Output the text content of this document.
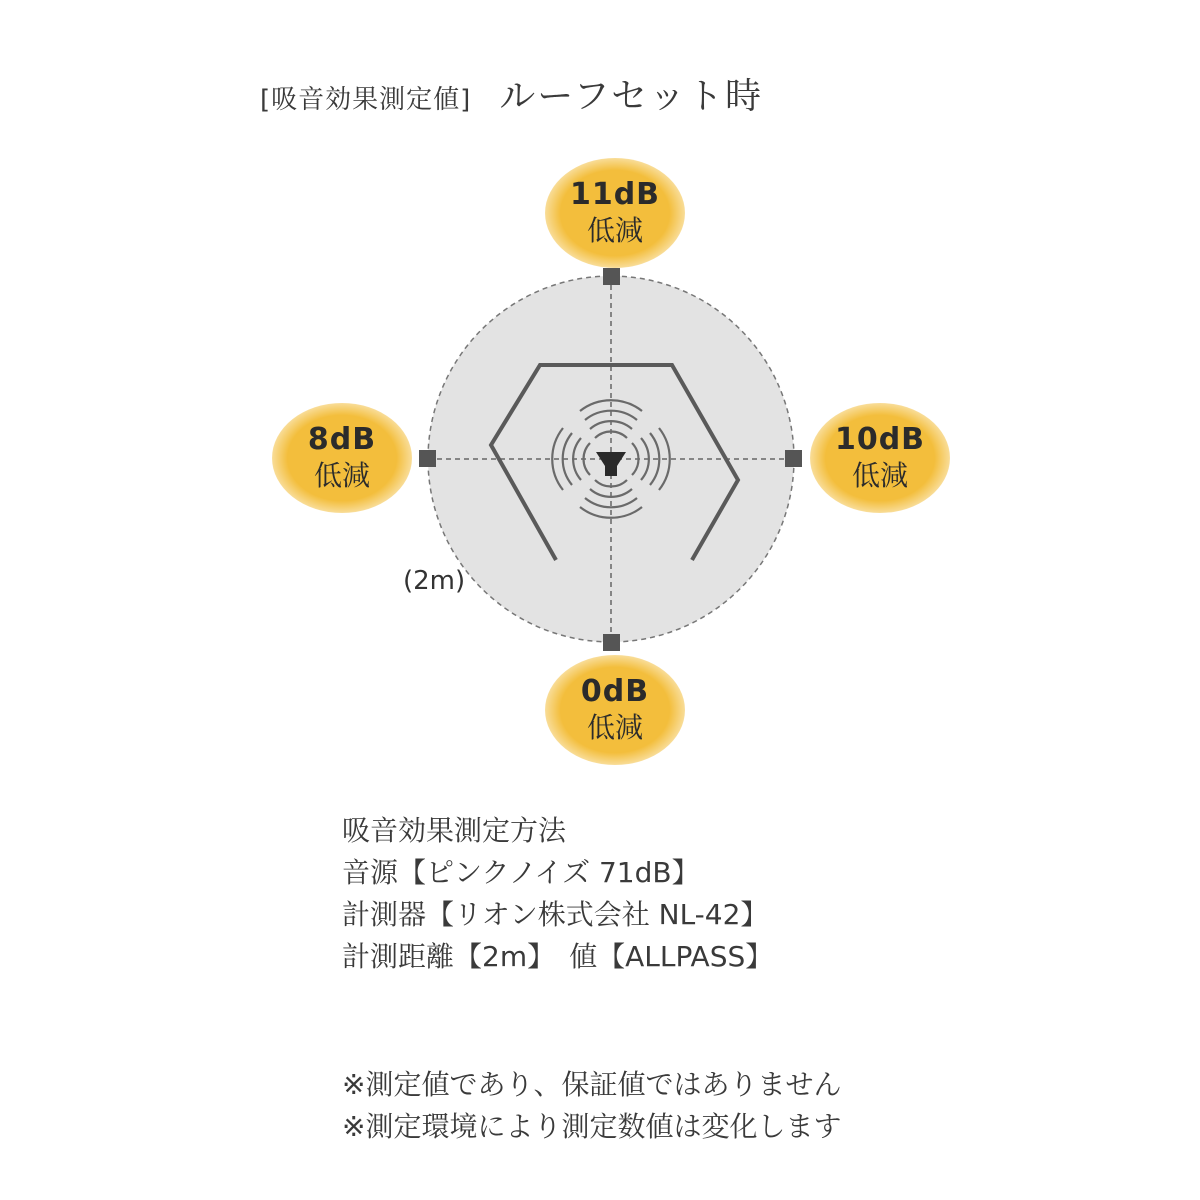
[吸音効果測定値] ルーフセット時
11dB
低減
8dB
低減
10dB
低減
0dB
低減
(2m)
吸音効果測定方法
音源【ピンクノイズ 71dB】
計測器【リオン株式会社 NL-42】
計測距離【2m】　値【ALLPASS】
※測定値であり、保証値ではありません
※測定環境により測定数値は変化します
